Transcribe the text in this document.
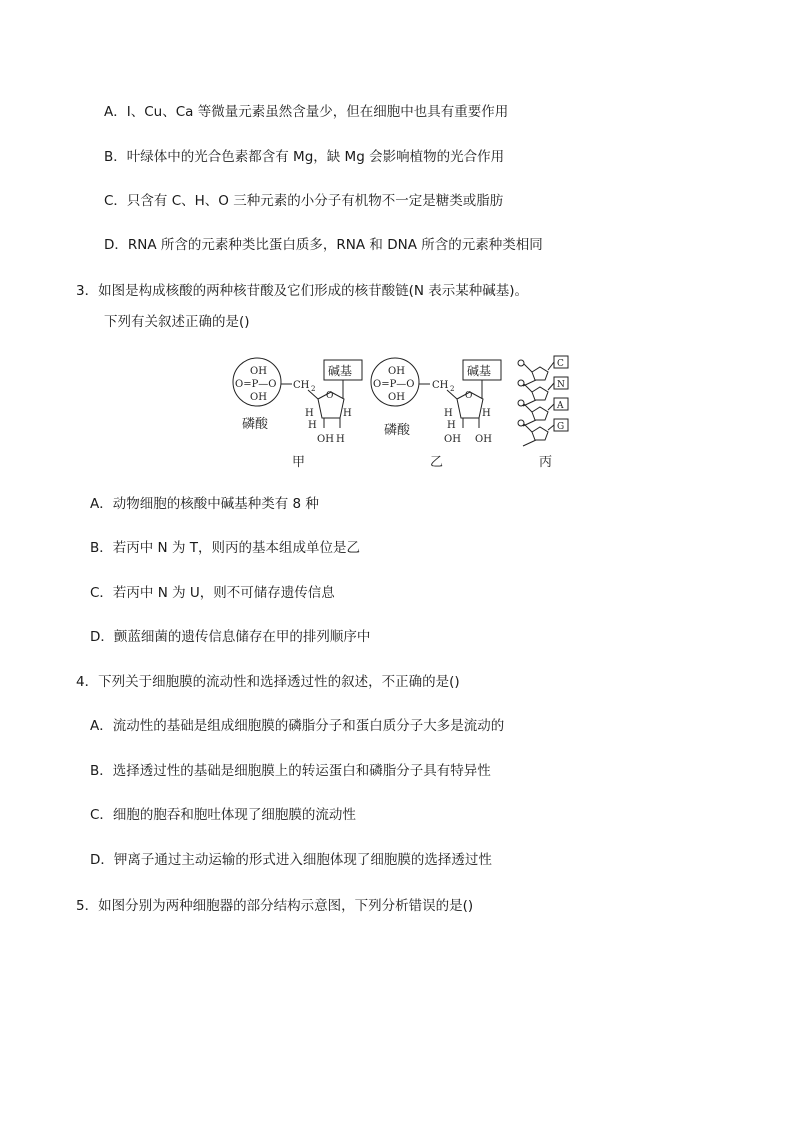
A．I、Cu、Ca 等微量元素虽然含量少，但在细胞中也具有重要作用
B．叶绿体中的光合色素都含有 Mg，缺 Mg 会影响植物的光合作用
C．只含有 C、H、O 三种元素的小分子有机物不一定是糖类或脂肪
D．RNA 所含的元素种类比蛋白质多，RNA 和 DNA 所含的元素种类相同
3．如图是构成核酸的两种核苷酸及它们形成的核苷酸链(N 表示某种碱基)。
下列有关叙述正确的是()
OH
O=P—O
OH
CH 2
O
H	H
H
OH H
OH
O=P—O
OH
CH 2
O
H	H
H
OH OH
C
N
A
G
碱基	碱基
磷酸	磷酸
甲	乙	丙
A．动物细胞的核酸中碱基种类有 8 种
B．若丙中 N 为 T，则丙的基本组成单位是乙
C．若丙中 N 为 U，则不可储存遗传信息
D．颤蓝细菌的遗传信息储存在甲的排列顺序中
4．下列关于细胞膜的流动性和选择透过性的叙述，不正确的是()
A．流动性的基础是组成细胞膜的磷脂分子和蛋白质分子大多是流动的
B．选择透过性的基础是细胞膜上的转运蛋白和磷脂分子具有特异性
C．细胞的胞吞和胞吐体现了细胞膜的流动性
D．钾离子通过主动运输的形式进入细胞体现了细胞膜的选择透过性
5．如图分别为两种细胞器的部分结构示意图，下列分析错误的是()
